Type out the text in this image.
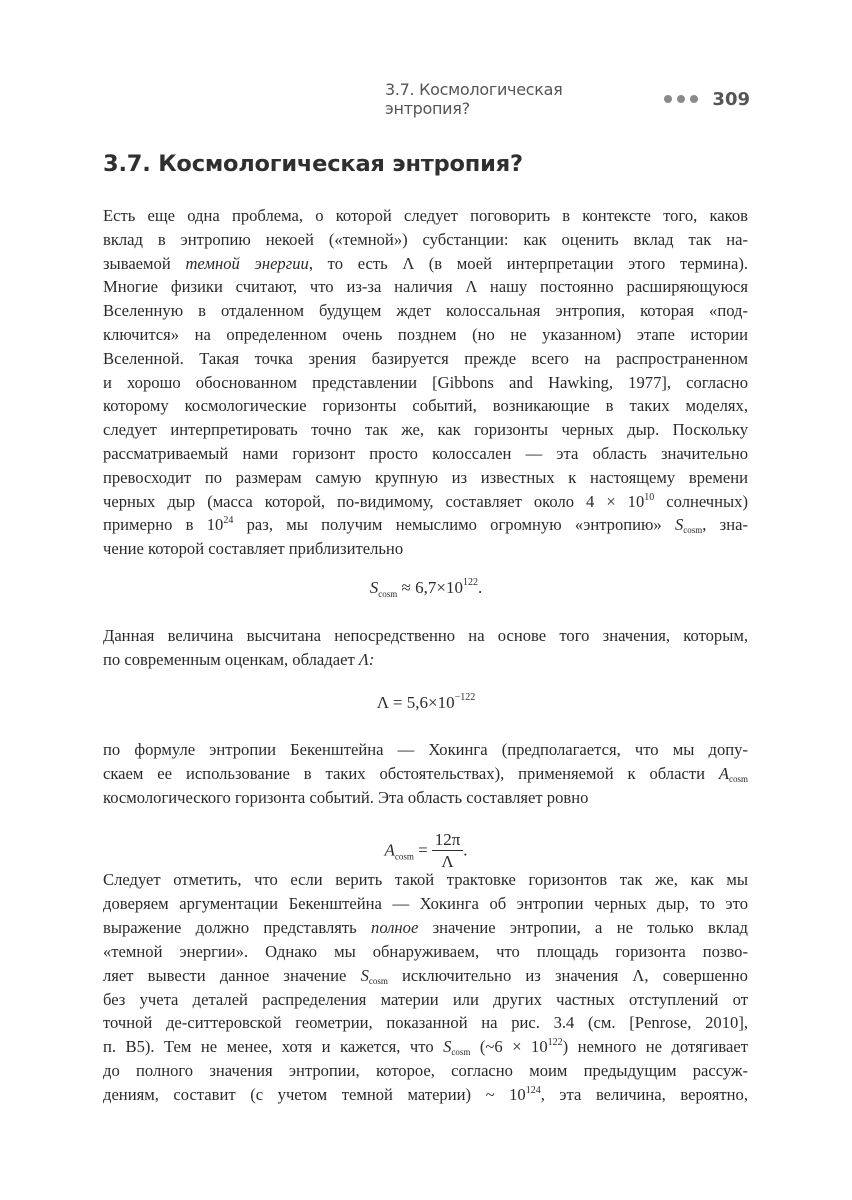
3.7. Космологическая энтропия?	309
3.7. Космологическая энтропия?
Есть еще одна проблема, о которой следует поговорить в контексте того, каков
вклад в энтропию некоей («темной») субстанции: как оценить вклад так на-
зываемой темной энергии, то есть Λ (в моей интерпретации этого термина).
Многие физики считают, что из-за наличия Λ нашу постоянно расширяющуюся
Вселенную в отдаленном будущем ждет колоссальная энтропия, которая «под-
ключится» на определенном очень позднем (но не указанном) этапе истории
Вселенной. Такая точка зрения базируется прежде всего на распространенном
и хорошо обоснованном представлении [Gibbons and Hawking, 1977], согласно
которому космологические горизонты событий, возникающие в таких моделях,
следует интерпретировать точно так же, как горизонты черных дыр. Поскольку
рассматриваемый нами горизонт просто колоссален — эта область значительно
превосходит по размерам самую крупную из известных к настоящему времени
черных дыр (масса которой, по-видимому, составляет около $4 \times 10^{10}$ солнечных)
примерно в $10^{24}$ раз, мы получим немыслимо огромную «энтропию» $S_{cosm}$, зна-
чение которой составляет приблизительно
Данная величина высчитана непосредственно на основе того значения, которым,
по современным оценкам, обладает Λ:
по формуле энтропии Бекенштейна — Хокинга (предполагается, что мы допу-
скаем ее использование в таких обстоятельствах), применяемой к области $A_{cosm}$
космологического горизонта событий. Эта область составляет ровно
Следует отметить, что если верить такой трактовке горизонтов так же, как мы
доверяем аргументации Бекенштейна — Хокинга об энтропии черных дыр, то это
выражение должно представлять полное значение энтропии, а не только вклад
«темной энергии». Однако мы обнаруживаем, что площадь горизонта позво-
ляет вывести данное значение $S_{cosm}$ исключительно из значения Λ, совершенно
без учета деталей распределения материи или других частных отступлений от
точной де-ситтеровской геометрии, показанной на рис. 3.4 (см. [Penrose, 2010],
п. B5). Тем не менее, хотя и кажется, что $S_{cosm}$ (~6 × $10^{122}$) немного не дотягивает
до полного значения энтропии, которое, согласно моим предыдущим рассуж-
дениям, составит (с учетом темной материи) ~ $10^{124}$, эта величина, вероятно,
$S_{cosm} \approx 6,7\times 10^{122}$.
$\Lambda = 5,6\times 10^{-122}$
$A_{cosm} = \frac{12\pi}{\Lambda}$ .
